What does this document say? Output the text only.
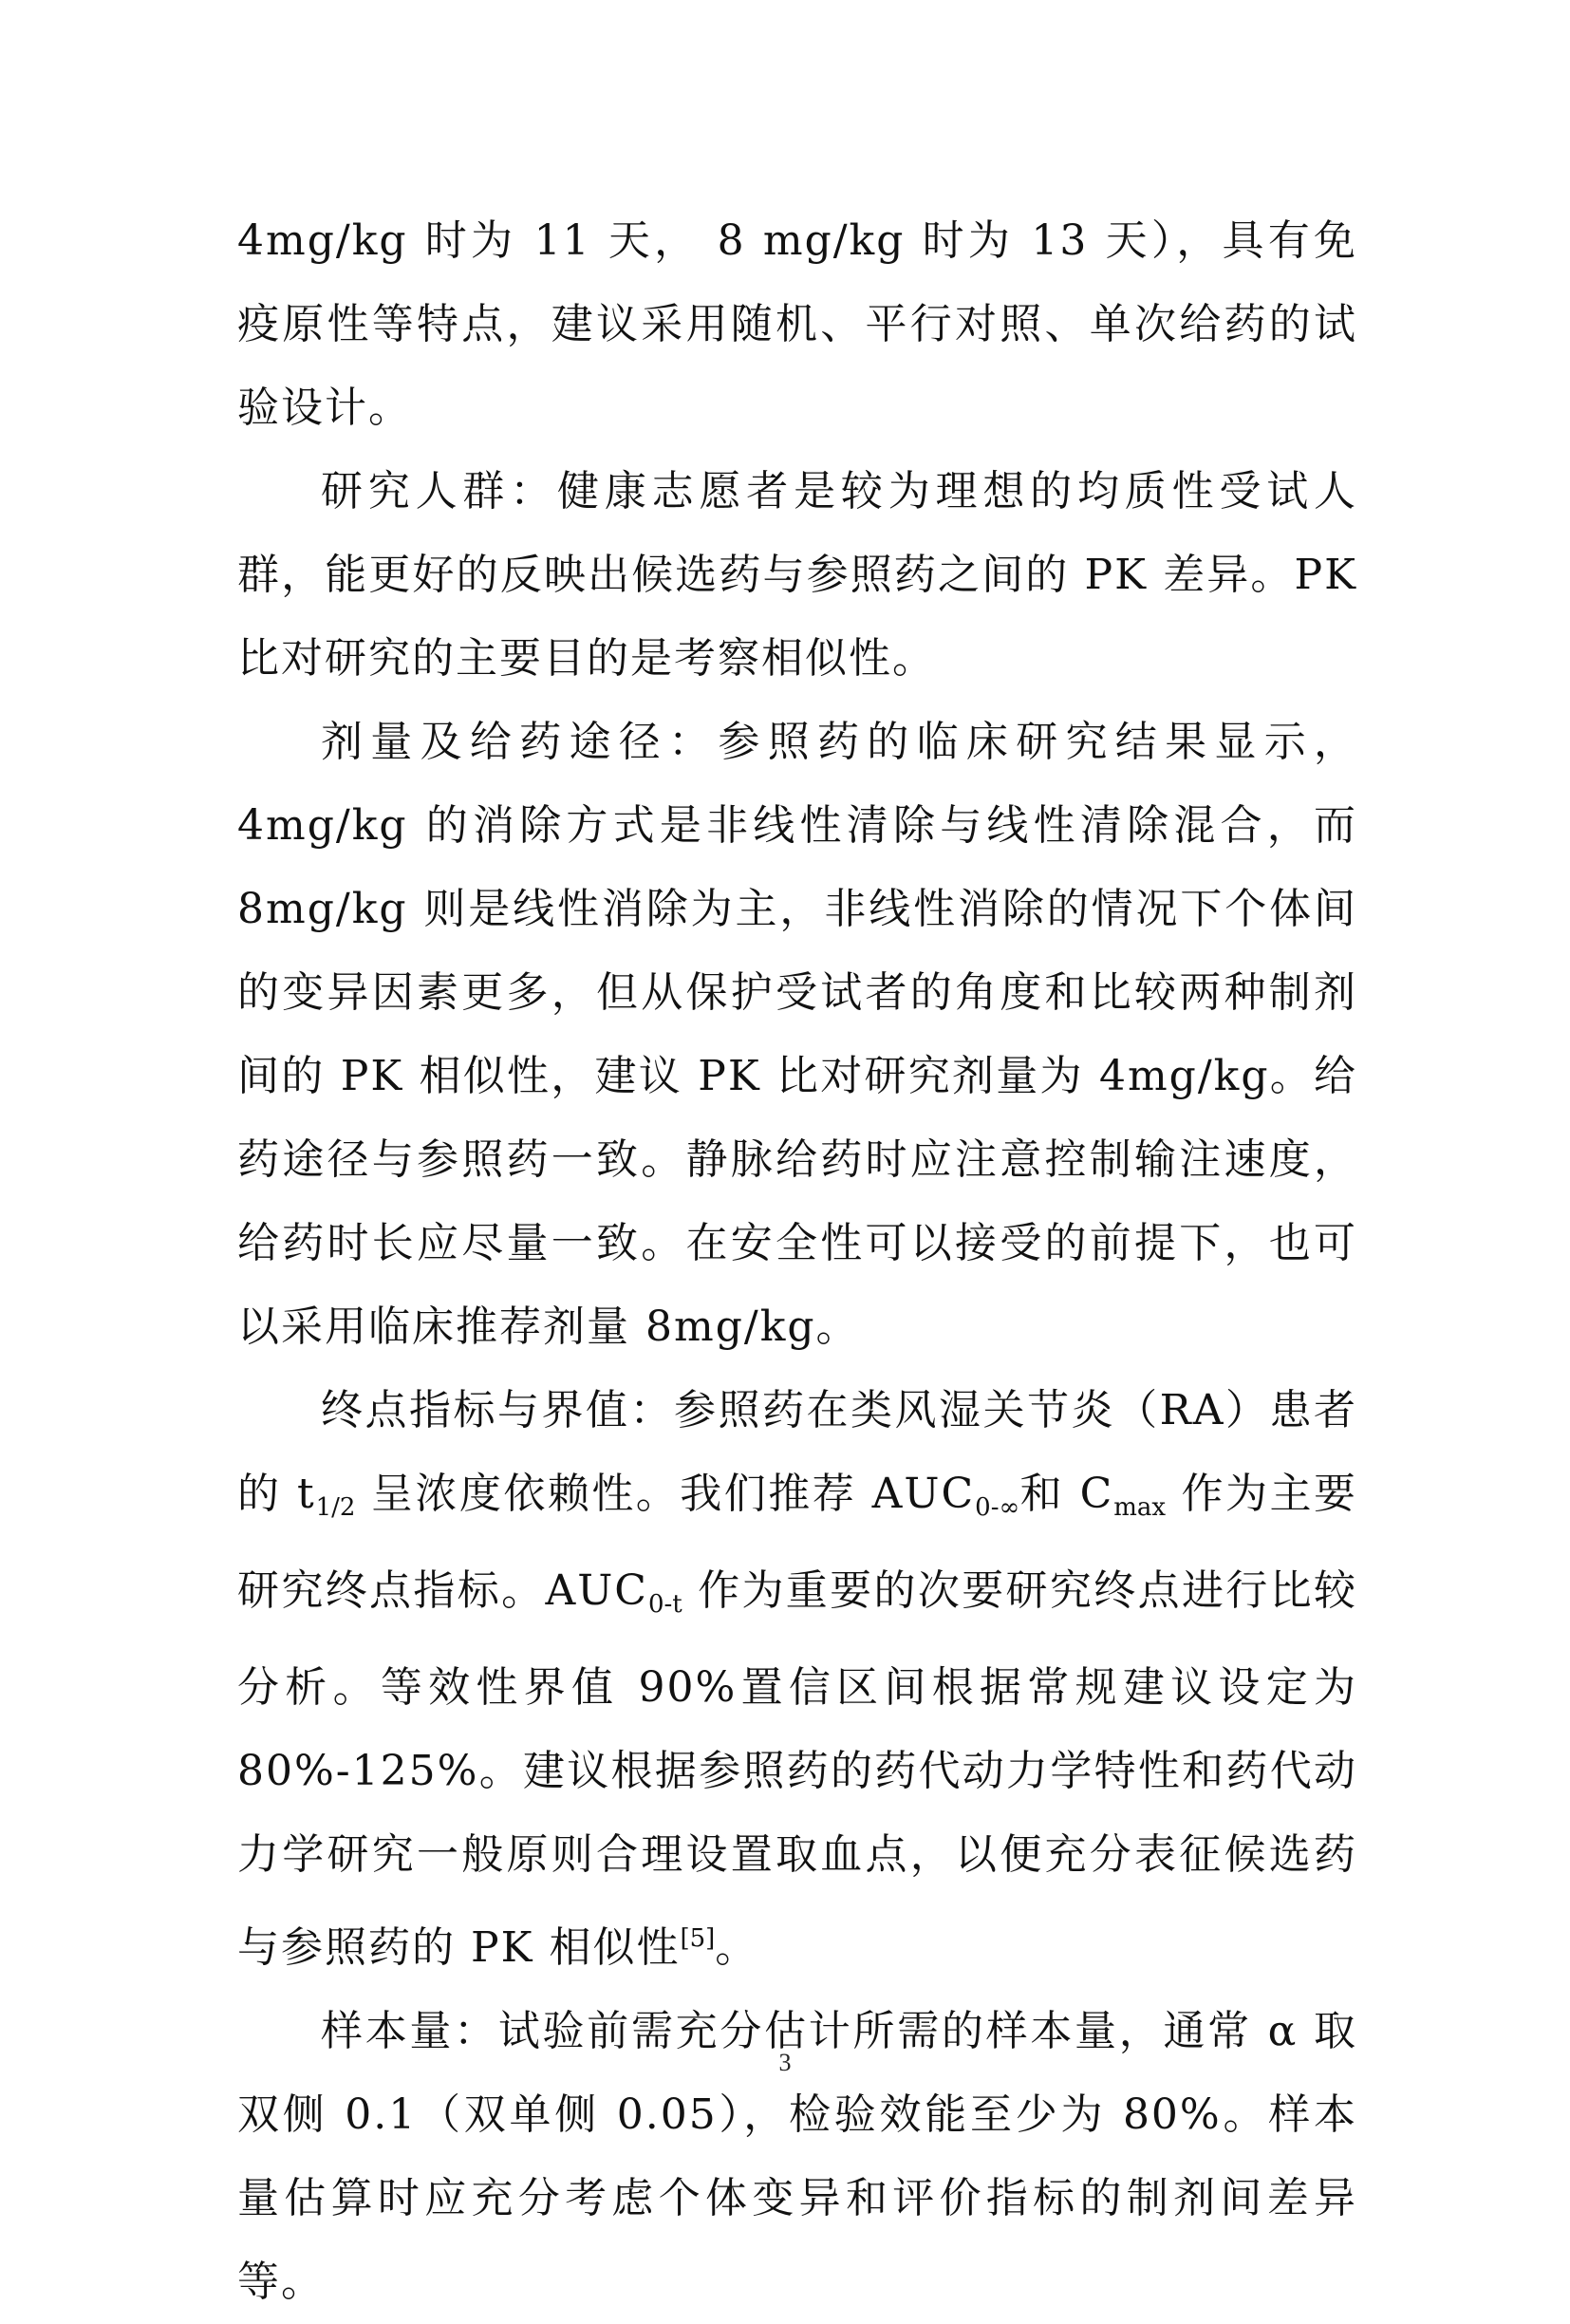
4mg/kg 时为 11 天， 8 mg/kg 时为 13 天），具有免疫原性等特点，建议采用随机、平行对照、单次给药的试验设计。

研究人群：健康志愿者是较为理想的均质性受试人群，能更好的反映出候选药与参照药之间的 PK 差异。PK 比对研究的主要目的是考察相似性。

剂量及给药途径：参照药的临床研究结果显示，4mg/kg 的消除方式是非线性清除与线性清除混合，而 8mg/kg 则是线性消除为主，非线性消除的情况下个体间的变异因素更多，但从保护受试者的角度和比较两种制剂间的 PK 相似性，建议 PK 比对研究剂量为 4mg/kg。给药途径与参照药一致。静脉给药时应注意控制输注速度，给药时长应尽量一致。在安全性可以接受的前提下，也可以采用临床推荐剂量 8mg/kg。

终点指标与界值：参照药在类风湿关节炎（RA）患者的 $t_{1/2}$ 呈浓度依赖性。我们推荐 $AUC_{0-\infty}$和 $C_{max}$ 作为主要研究终点指标。$AUC_{0-t}$ 作为重要的次要研究终点进行比较分析。等效性界值 90%置信区间根据常规建议设定为 80%-125%。建议根据参照药的药代动力学特性和药代动力学研究一般原则合理设置取血点，以便充分表征候选药与参照药的 PK 相似性[5]。

样本量：试验前需充分估计所需的样本量，通常 α 取双侧 0.1（双单侧 0.05），检验效能至少为 80%。样本量估算时应充分考虑个体变异和评价指标的制剂间差异等。

3
